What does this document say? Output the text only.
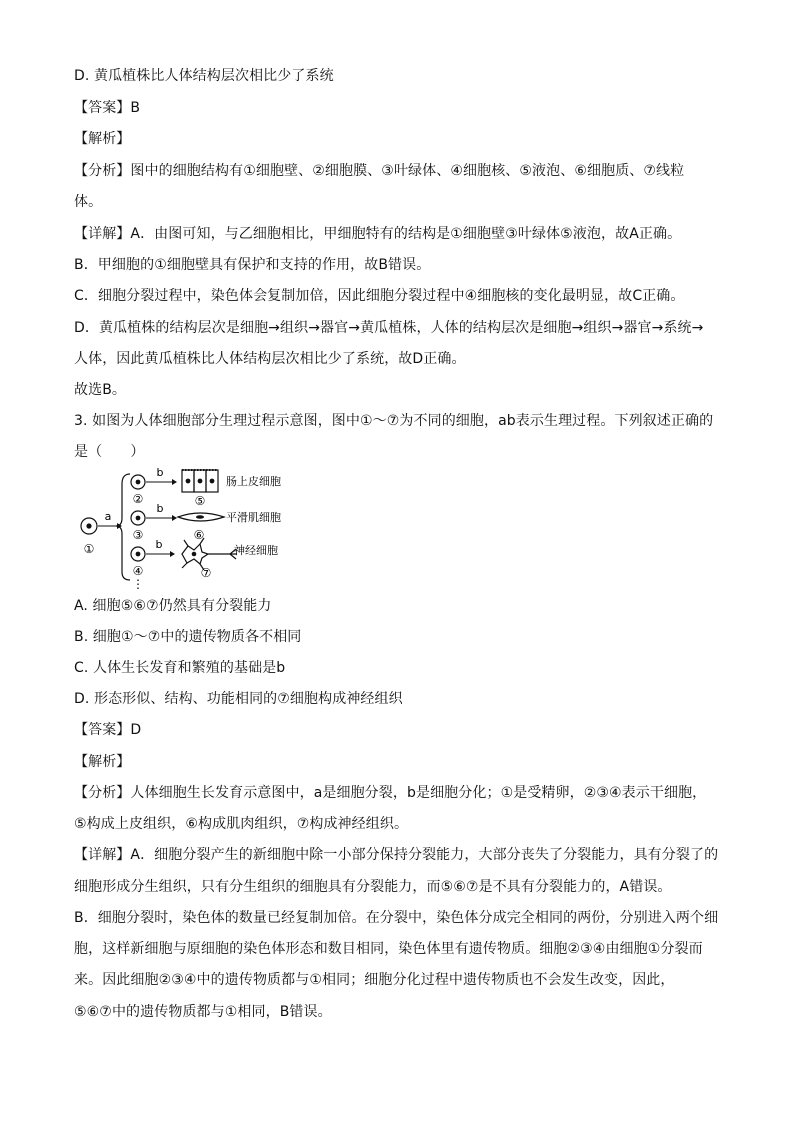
D. 黄瓜植株比人体结构层次相比少了系统
【答案】B
【解析】
【分析】图中的细胞结构有①细胞壁、②细胞膜、③叶绿体、④细胞核、⑤液泡、⑥细胞质、⑦线粒
体。
【详解】A．由图可知，与乙细胞相比，甲细胞特有的结构是①细胞壁③叶绿体⑤液泡，故A正确。
B．甲细胞的①细胞壁具有保护和支持的作用，故B错误。
C．细胞分裂过程中，染色体会复制加倍，因此细胞分裂过程中④细胞核的变化最明显，故C正确。
D．黄瓜植株的结构层次是细胞→组织→器官→黄瓜植株，人体的结构层次是细胞→组织→器官→系统→
人体，因此黄瓜植株比人体结构层次相比少了系统，故D正确。
故选B。
3. 如图为人体细胞部分生理过程示意图，图中①～⑦为不同的细胞，ab表示生理过程。下列叙述正确的
是（　　）
①
a
②
b
⑤
肠上皮细胞
③
b
⑥
平滑肌细胞
④
b
⑦
神经细胞
⋮
A. 细胞⑤⑥⑦仍然具有分裂能力
B. 细胞①～⑦中的遗传物质各不相同
C. 人体生长发育和繁殖的基础是b
D. 形态形似、结构、功能相同的⑦细胞构成神经组织
【答案】D
【解析】
【分析】人体细胞生长发育示意图中，a是细胞分裂，b是细胞分化；①是受精卵，②③④表示干细胞，
⑤构成上皮组织，⑥构成肌肉组织，⑦构成神经组织。
【详解】A．细胞分裂产生的新细胞中除一小部分保持分裂能力，大部分丧失了分裂能力，具有分裂了的
细胞形成分生组织，只有分生组织的细胞具有分裂能力，而⑤⑥⑦是不具有分裂能力的，A错误。
B．细胞分裂时，染色体的数量已经复制加倍。在分裂中，染色体分成完全相同的两份，分别进入两个细
胞，这样新细胞与原细胞的染色体形态和数目相同，染色体里有遗传物质。细胞②③④由细胞①分裂而
来。因此细胞②③④中的遗传物质都与①相同；细胞分化过程中遗传物质也不会发生改变，因此，
⑤⑥⑦中的遗传物质都与①相同，B错误。
